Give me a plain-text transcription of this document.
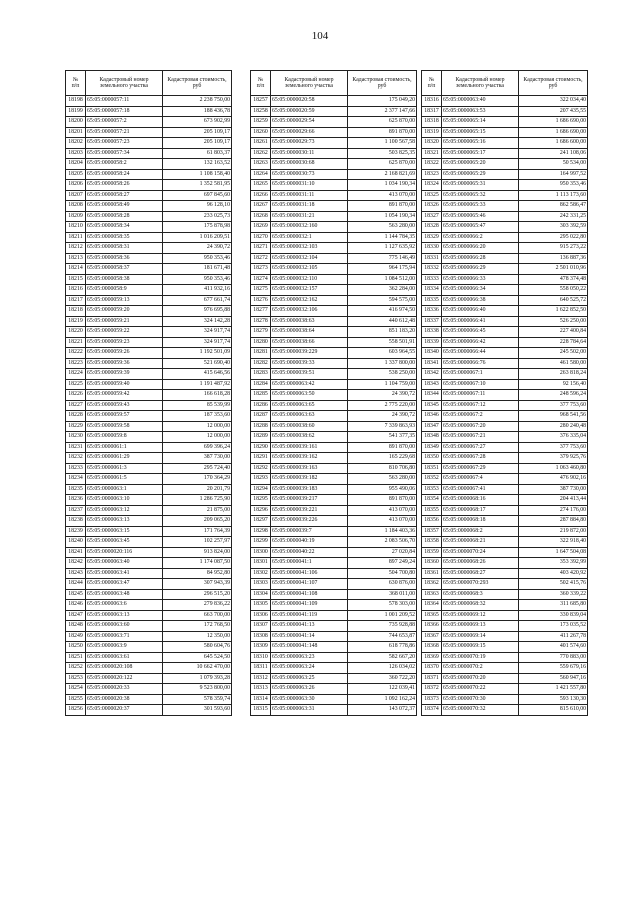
104
№
п/п	Кадастровый номер земельного участка	Кадастровая стоимость, руб
18198	65:05:0000057:11	2 238 750,00
18199	65:05:0000057:18	188 436,78
18200	65:05:0000057:2	673 902,99
18201	65:05:0000057:21	205 109,17
18202	65:05:0000057:23	205 109,17
18203	65:05:0000057:34	61 803,37
18204	65:05:0000058:2	132 163,52
18205	65:05:0000058:24	1 108 158,40
18206	65:05:0000058:26	1 352 581,95
18207	65:05:0000058:27	697 845,60
18208	65:05:0000058:49	96 128,10
18209	65:05:0000058:28	233 025,73
18210	65:05:0000058:34	175 878,98
18211	65:05:0000058:35	1 016 209,51
18212	65:05:0000058:31	24 390,72
18213	65:05:0000058:36	950 353,46
18214	65:05:0000058:37	181 671,48
18215	65:05:0000058:38	950 353,46
18216	65:05:0000058:9	411 932,16
18217	65:05:0000059:13	677 661,74
18218	65:05:0000059:20	976 695,88
18219	65:05:0000059:21	324 142,28
18220	65:05:0000059:22	324 917,74
18221	65:05:0000059:23	324 917,74
18222	65:05:0000059:26	1 192 501,09
18223	65:05:0000059:36	521 690,40
18224	65:05:0000059:39	415 646,56
18225	65:05:0000059:40	1 191 487,92
18226	65:05:0000059:42	166 618,28
18227	65:05:0000059:43	85 539,99
18228	65:05:0000059:57	187 353,60
18229	65:05:0000059:58	12 000,00
18230	65:05:0000059:8	12 000,00
18231	65:05:0000061:1	699 396,24
18232	65:05:0000061:29	387 730,00
18233	65:05:0000061:3	295 724,40
18234	65:05:0000061:5	170 364,29
18235	65:05:0000063:1	20 201,79
18236	65:05:0000063:10	1 286 725,90
18237	65:05:0000063:12	21 875,00
18238	65:05:0000063:13	209 065,20
18239	65:05:0000063:15	171 764,39
18240	65:05:0000063:45	102 257,97
18241	65:05:0000020:116	913 824,00
18242	65:05:0000063:40	1 174 087,50
18243	65:05:0000063:41	84 952,80
18244	65:05:0000063:47	307 943,39
18245	65:05:0000063:48	296 515,20
18246	65:05:0000063:6	279 836,22
18247	65:05:0000063:13	663 700,00
18248	65:05:0000063:60	172 768,50
18249	65:05:0000063:71	12 350,00
18250	65:05:0000063:9	580 604,76
18251	65:05:0000063:61	645 524,50
18252	65:05:0000020:108	10 662 470,00
18253	65:05:0000020:122	1 079 393,28
18254	65:05:0000020:33	9 523 800,00
18255	65:05:0000020:38	578 359,74
18256	65:05:0000020:37	301 593,60
№
п/п	Кадастровый номер земельного участка	Кадастровая стоимость, руб
18257	65:05:0000020:58	175 049,20
18258	65:05:0000020:59	2 377 147,66
18259	65:05:0000029:54	625 870,00
18260	65:05:0000029:66	891 870,00
18261	65:05:0000029:73	1 100 567,58
18262	65:05:0000030:11	503 825,35
18263	65:05:0000030:68	625 870,00
18264	65:05:0000030:73	2 168 821,69
18265	65:05:0000031:10	1 034 190,34
18266	65:05:0000031:11	413 070,00
18267	65:05:0000031:18	891 870,00
18268	65:05:0000031:21	1 054 190,34
18269	65:05:0000032:160	563 280,00
18270	65:05:0000032:1	1 144 784,35
18271	65:05:0000032:103	1 127 635,92
18272	65:05:0000032:104	775 146,49
18273	65:05:0000032:105	964 175,94
18274	65:05:0000032:110	1 084 512,00
18275	65:05:0000032:157	362 284,00
18276	65:05:0000032:162	594 575,00
18277	65:05:0000032:106	416 974,50
18278	65:05:0000038:63	440 612,48
18279	65:05:0000038:64	851 183,20
18280	65:05:0000038:66	558 501,91
18281	65:05:0000039:229	603 964,55
18282	65:05:0000039:33	1 337 800,00
18283	65:05:0000039:51	538 250,00
18284	65:05:0000063:42	1 104 759,00
18285	65:05:0000063:50	24 390,72
18286	65:05:0000063:65	2 775 220,00
18287	65:05:0000063:63	24 390,72
18288	65:05:0000038:60	7 339 863,93
18289	65:05:0000038:62	541 377,35
18290	65:05:0000039:161	891 870,00
18291	65:05:0000039:162	165 229,68
18292	65:05:0000039:163	810 706,80
18293	65:05:0000039:182	563 280,00
18294	65:05:0000039:183	955 490,06
18295	65:05:0000039:217	891 870,00
18296	65:05:0000039:221	413 070,00
18297	65:05:0000039:226	413 070,00
18298	65:05:0000039:7	1 184 403,36
18299	65:05:0000040:19	2 083 506,70
18300	65:05:0000040:22	27 020,84
18301	65:05:0000041:1	897 249,24
18302	65:05:0000041:106	504 700,80
18303	65:05:0000041:107	630 876,00
18304	65:05:0000041:108	368 011,00
18305	65:05:0000041:109	578 303,00
18306	65:05:0000041:119	1 001 209,52
18307	65:05:0000041:13	735 928,88
18308	65:05:0000041:14	744 653,87
18309	65:05:0000041:148	618 778,86
18310	65:05:0000063:23	582 667,20
18311	65:05:0000063:24	126 034,02
18312	65:05:0000063:25	360 722,20
18313	65:05:0000063:26	122 039,41
18314	65:05:0000063:30	1 092 162,24
18315	65:05:0000063:31	143 072,37
№
п/п	Кадастровый номер земельного участка	Кадастровая стоимость, руб
18316	65:05:0000063:40	322 034,40
18317	65:05:0000063:53	207 435,55
18318	65:05:0000065:14	1 686 690,00
18319	65:05:0000065:15	1 686 690,00
18320	65:05:0000065:16	1 686 600,00
18321	65:05:0000065:17	241 108,06
18322	65:05:0000065:20	50 534,00
18323	65:05:0000065:29	164 997,52
18324	65:05:0000065:31	950 353,46
18325	65:05:0000065:32	1 113 173,60
18326	65:05:0000065:33	862 586,47
18327	65:05:0000065:46	242 331,25
18328	65:05:0000065:47	303 392,59
18329	65:05:0000066:2	295 022,80
18330	65:05:0000066:20	915 273,22
18331	65:05:0000066:28	136 887,36
18332	65:05:0000066:29	2 501 010,96
18333	65:05:0000066:33	478 374,48
18334	65:05:0000066:34	558 050,22
18335	65:05:0000066:38	640 525,72
18336	65:05:0000066:40	1 622 852,50
18337	65:05:0000066:41	526 250,00
18338	65:05:0000066:45	227 400,84
18339	65:05:0000066:42	228 784,64
18340	65:05:0000066:44	245 502,00
18341	65:05:0000066:76	461 580,00
18342	65:05:0000067:1	263 818,24
18343	65:05:0000067:10	92 156,40
18344	65:05:0000067:11	248 596,24
18345	65:05:0000067:12	377 753,60
18346	65:05:0000067:2	968 541,56
18347	65:05:0000067:20	280 240,48
18348	65:05:0000067:21	376 335,04
18349	65:05:0000067:27	377 753,60
18350	65:05:0000067:28	379 925,76
18351	65:05:0000067:29	1 063 460,80
18352	65:05:0000067:4	476 902,16
18353	65:05:0000067:41	387 730,00
18354	65:05:0000068:16	204 413,44
18355	65:05:0000068:17	274 176,00
18356	65:05:0000068:18	287 884,80
18357	65:05:0000068:2	219 872,00
18358	65:05:0000068:21	322 918,40
18359	65:05:0000070:24	1 647 504,08
18360	65:05:0000068:26	353 392,99
18361	65:05:0000068:27	403 420,92
18362	65:05:0000070:293	502 415,76
18363	65:05:0000068:3	360 339,22
18364	65:05:0000068:32	311 685,80
18365	65:05:0000069:12	330 839,04
18366	65:05:0000069:13	173 035,52
18367	65:05:0000069:14	411 267,78
18368	65:05:0000069:15	401 574,60
18369	65:05:0000070:19	770 883,00
18370	65:05:0000070:2	559 679,16
18371	65:05:0000070:20	560 947,16
18372	65:05:0000070:22	1 421 557,80
18373	65:05:0000070:30	593 130,30
18374	65:05:0000070:32	815 610,00
